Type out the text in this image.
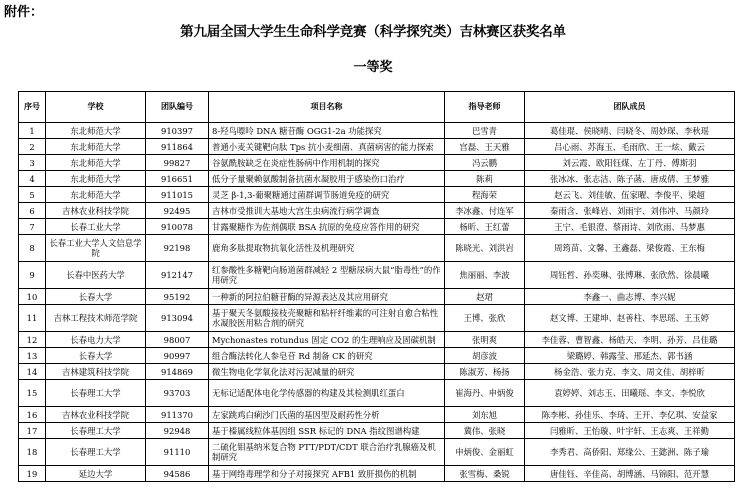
附件：
第九届全国大学生生命科学竞赛（科学探究类）吉林赛区获奖名单
一等奖
序号	学校	团队编号	项目名称	指导老师	团队成员
1	东北师范大学	910397	8-羟鸟嘌呤 DNA 糖苷酶 OGG1-2a 功能探究	巴雪青	葛佳琨、侯晓晴、闫晓冬、周妙琛、李秋瑶
2	东北师范大学	911864	普通小麦关键靶向肽 Tps 抗小麦细菌、真菌病害的能力探索	宫磊、王天雅	吕心雨、苏海玉、毛雨欣、王一炫、戴云
3	东北师范大学	99827	谷氨酰胺缺乏在炎症性肠病中作用机制的探究	冯云鹏	刘云霞、欧阳钰煤、左丁丹、傅斯羽
4	东北师范大学	916651	低分子量聚赖氨酸制备抗菌水凝胶用于感染伤口治疗	陈莉	张冰冰、张志洁、陈子菡、唐成倩、王梦雅
5	东北师范大学	911015	灵芝 β-1,3-葡聚糖通过菌群调节肠道免疫的研究	程海荣	赵云飞、刘佳敏、伍家曜、李俊平、梁超
6	吉林农业科技学院	92495	吉林市受推训大基地大宫生虫病流行病学调查	李冰鑫、付连军	秦雨含、张峰岩、刘雨宇、刘伟冲、马颜玲
7	长春工业大学	910078	甘露聚糖作为佐剂偶联 BSA 抗原的免疫应答作用的研究	杨昕、王红蕾	王宁、毛银澄、蔡雨诗、刘欣雨、马梦惠
8	长春工业大学人文信息学院	92198	鹿角多肽提取物抗氧化活性及机理研究	陈晓光、刘洪岩	周筠苗、文馨、王鑫磊、梁俊霞、王东梅
9	长春中医药大学	912147	红参酸性多糖靶向肠道菌群减轻 2 型糖尿病大鼠“脂毒性”的作用研究	焦丽丽、李波	周钰哲、孙奕琳、张博琳、张欣然、徐晨曦
10	长春大学	95192	一种新的阿拉伯糖苷酶的异源表达及其应用研究	赵珺	李鑫一、曲志博、李兴妮
11	吉林工程技术师范学院	913094	基于聚天冬氨酸接枝壳聚糖和粘杆纤维素的可注射自愈合粘性水凝胶医用粘合剂的研究	王博、张欣	赵文博、王建坤、赵善柱、李思瑶、王玉婷
12	长春电力大学	98007	Mychonastes rotundus 固定 CO2 的生理响应及固碳机制	张明爽	李佳蓉、曹智鑫、杨皓天、李明、孙芳、吕佳璐
13	长春大学	90997	组合酶法转化人参皂苷 Rd 制备 CK 的研究	胡彦波	梁璐婷、韩露莹、邢延杰、郭书涵
14	吉林建筑科技学院	914869	微生物电化学氧化法对污泥减量的研究	陈淑芳、杨扬	杨金浩、张力克、李文、周文佳、胡梓昕
15	长春理工大学	93703	无标记适配体电化学传感器的构建及其检测肌红蛋白	崔海丹、申炳俊	袁婷婷、刘志玉、田曦瑶、李文、李悦欣
16	吉林农业科技学院	911370	左家跳鸡白痢沙门氏菌的基因型及耐药性分析	刘东旭	陈李彬、孙佳乐、李琦、王开、李亿琪、安益家
17	长春理工大学	92948	基于榛属线粒体基因组 SSR 标记的 DNA 指纹图谱构建	冀伟、张晓	闫雅昕、王怡璇、叶宇轩、王志爽、王祥勤
18	长春理工大学	91110	二硫化钼基纳米复合物 PTT/PDT/CDT 联合治疗乳腺癌及机制研究	申炳俊、金丽虹	李秀君、高侨阳、郑缘公、王懿洲、陈子瑜
19	延边大学	94586	基于网络毒理学和分子对接探究 AFB1 致肝损伤的机制	张雪梅、桑锐	唐佳钰、辛佳高、胡博涵、马锦阳、范开慧
